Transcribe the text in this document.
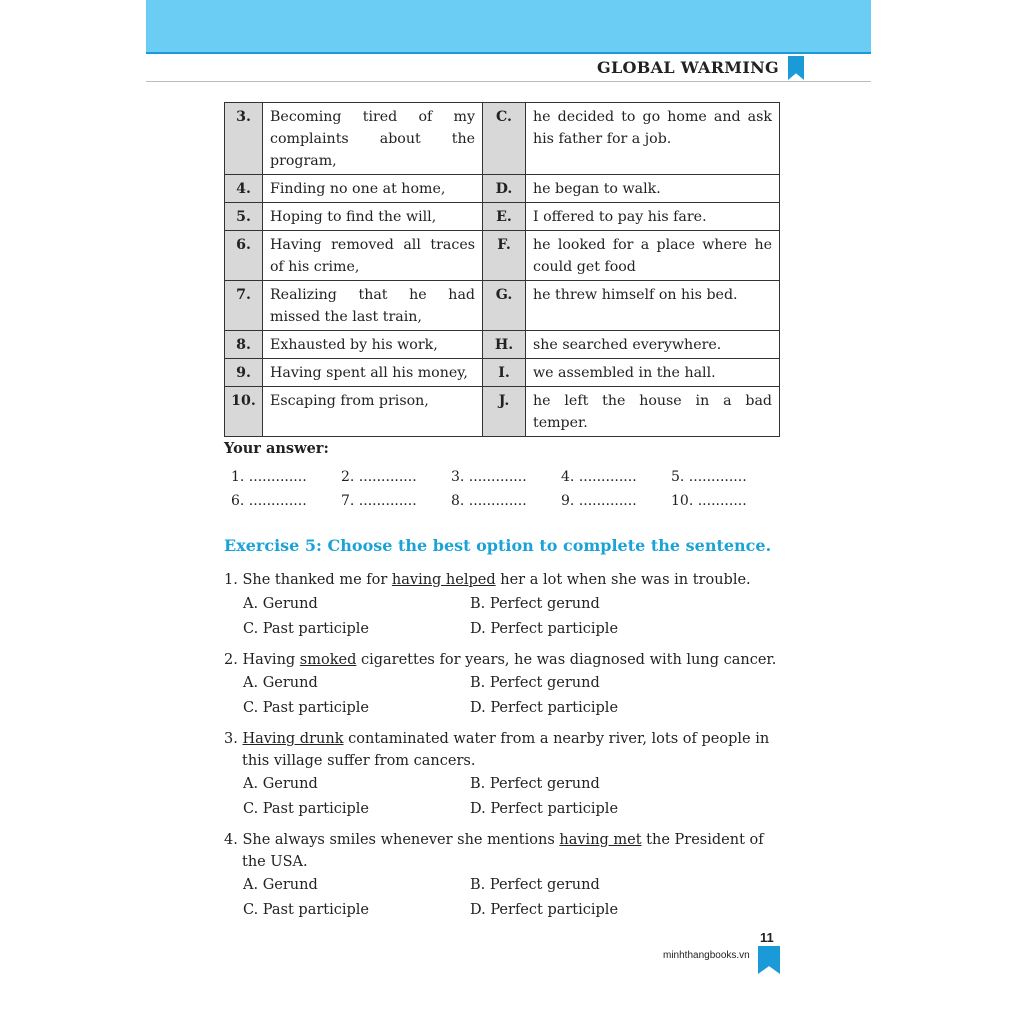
GLOBAL WARMING
3.	Becoming tired of my complaints about the program,	C.	he decided to go home and ask his father for a job.
4.	Finding no one at home,	D.	he began to walk.
5.	Hoping to find the will,	E.	I offered to pay his fare.
6.	Having removed all traces of his crime,	F.	he looked for a place where he could get food
7.	Realizing that he had missed the last train,	G.	he threw himself on his bed.
8.	Exhausted by his work,	H.	she searched everywhere.
9.	Having spent all his money,	I.	we assembled in the hall.
10.	Escaping from prison,	J.	he left the house in a bad temper.
Your answer:
1. ............. 2. ............. 3. ............. 4. ............. 5. .............
6. ............. 7. ............. 8. ............. 9. ............. 10. ...........
Exercise 5: Choose the best option to complete the sentence.
1. She thanked me for having helped her a lot when she was in trouble.
A. Gerund	B. Perfect gerund
C. Past participle	D. Perfect participle
2. Having smoked cigarettes for years, he was diagnosed with lung cancer.
A. Gerund	B. Perfect gerund
C. Past participle	D. Perfect participle
3. Having drunk contaminated water from a nearby river, lots of people in this village suffer from cancers.
A. Gerund	B. Perfect gerund
C. Past participle	D. Perfect participle
4. She always smiles whenever she mentions having met the President of the USA.
A. Gerund	B. Perfect gerund
C. Past participle	D. Perfect participle
11
minhthangbooks.vn
